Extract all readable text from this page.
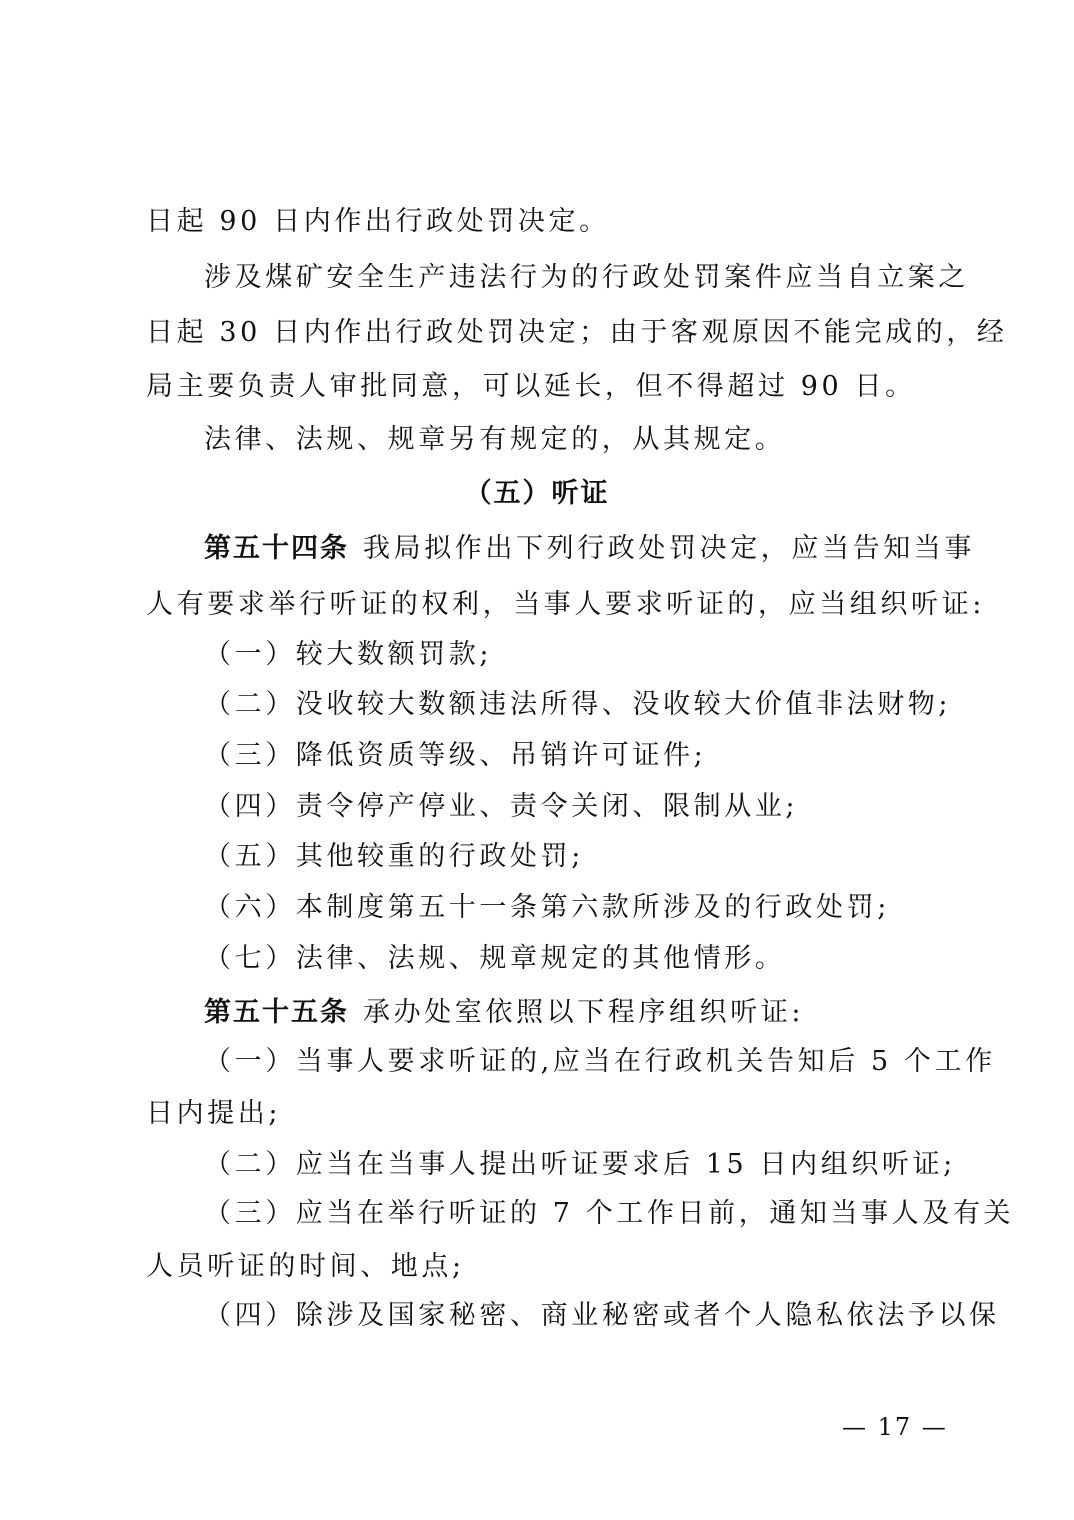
日起 90 日内作出行政处罚决定。
涉及煤矿安全生产违法行为的行政处罚案件应当自立案之
日起 30 日内作出行政处罚决定；由于客观原因不能完成的，经
局主要负责人审批同意，可以延长，但不得超过 90 日。
法律、法规、规章另有规定的，从其规定。
（五）听证
第五十四条 我局拟作出下列行政处罚决定，应当告知当事
人有要求举行听证的权利，当事人要求听证的，应当组织听证:
（一）较大数额罚款;
（二）没收较大数额违法所得、没收较大价值非法财物;
（三）降低资质等级、吊销许可证件;
（四）责令停产停业、责令关闭、限制从业;
（五）其他较重的行政处罚;
（六）本制度第五十一条第六款所涉及的行政处罚;
（七）法律、法规、规章规定的其他情形。
第五十五条 承办处室依照以下程序组织听证:
（一）当事人要求听证的,应当在行政机关告知后 5 个工作
日内提出;
（二）应当在当事人提出听证要求后 15 日内组织听证;
（三）应当在举行听证的 7 个工作日前，通知当事人及有关
人员听证的时间、地点;
（四）除涉及国家秘密、商业秘密或者个人隐私依法予以保
— 17 —
